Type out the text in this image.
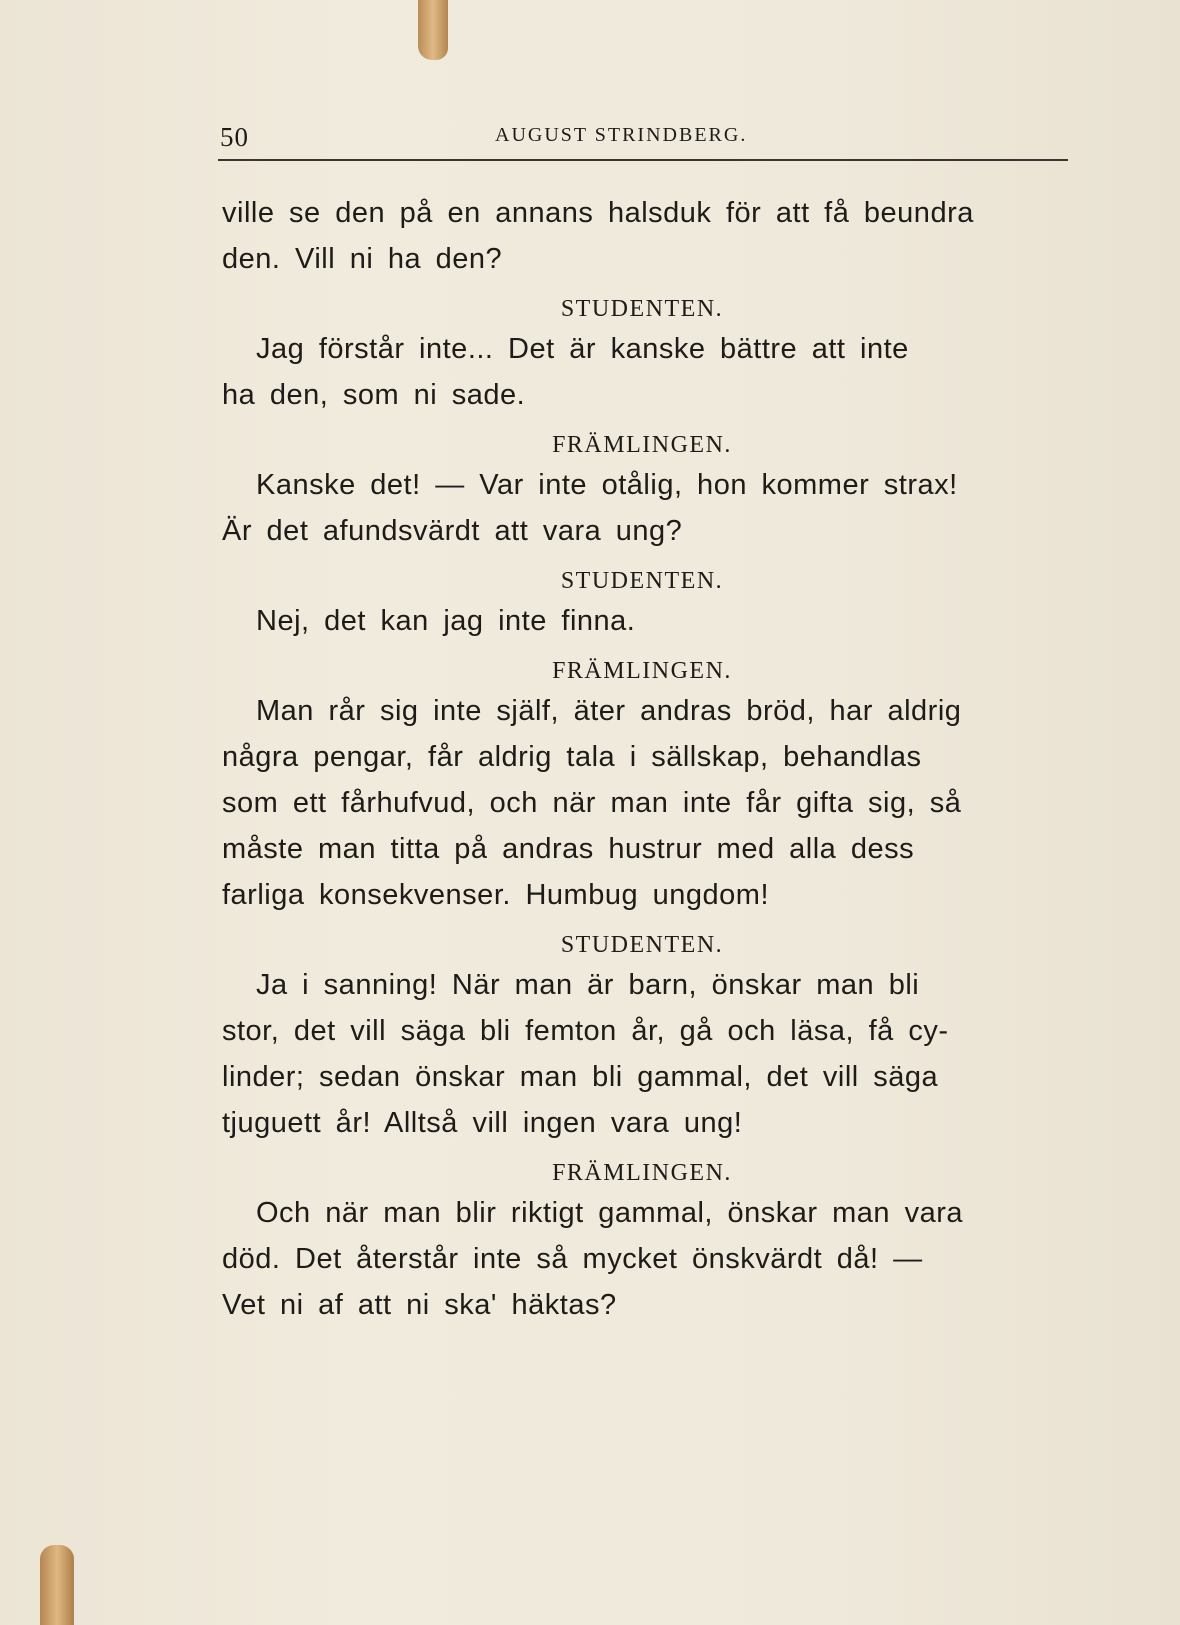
50	AUGUST STRINDBERG.
ville se den på en annans halsduk för att få beundra
den. Vill ni ha den?
STUDENTEN.
Jag förstår inte... Det är kanske bättre att inte
ha den, som ni sade.
FRÄMLINGEN.
Kanske det! — Var inte otålig, hon kommer strax!
Är det afundsvärdt att vara ung?
STUDENTEN.
Nej, det kan jag inte finna.
FRÄMLINGEN.
Man rår sig inte själf, äter andras bröd, har aldrig
några pengar, får aldrig tala i sällskap, behandlas
som ett fårhufvud, och när man inte får gifta sig, så
måste man titta på andras hustrur med alla dess
farliga konsekvenser. Humbug ungdom!
STUDENTEN.
Ja i sanning! När man är barn, önskar man bli
stor, det vill säga bli femton år, gå och läsa, få cy-
linder; sedan önskar man bli gammal, det vill säga
tjuguett år! Alltså vill ingen vara ung!
FRÄMLINGEN.
Och när man blir riktigt gammal, önskar man vara
död. Det återstår inte så mycket önskvärdt då! —
Vet ni af att ni ska' häktas?
